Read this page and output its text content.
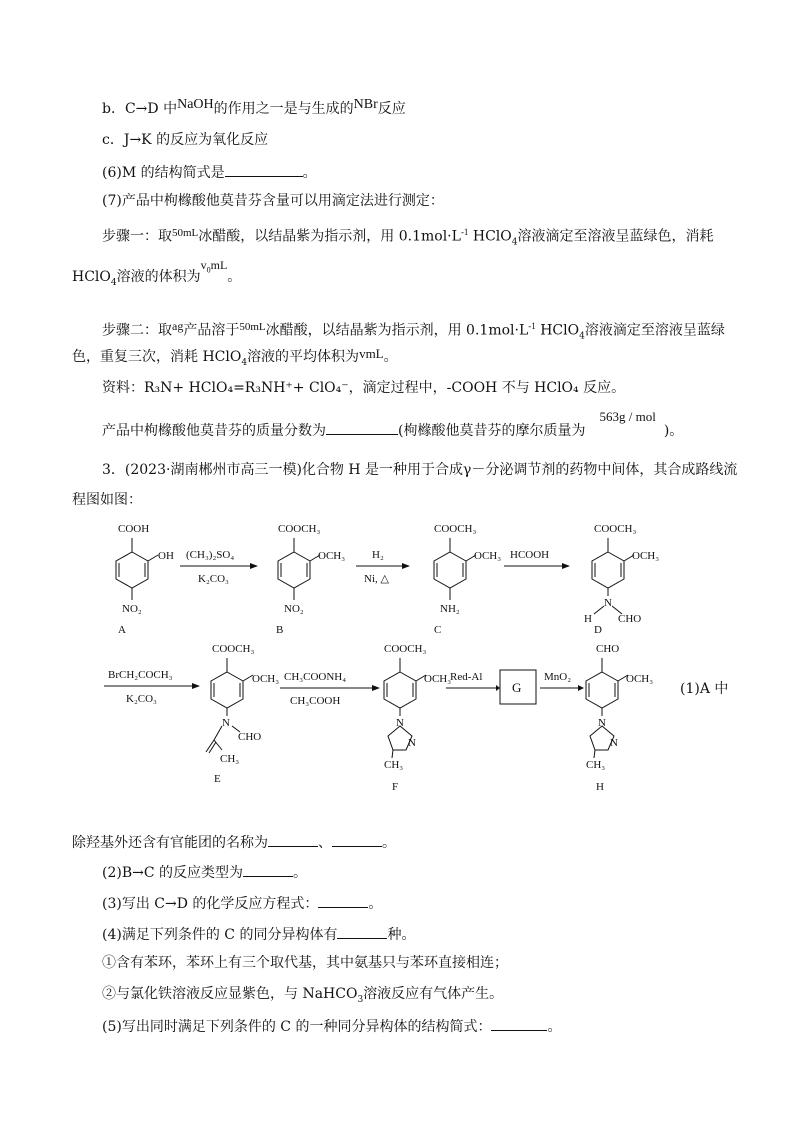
b．C→D 中NaOH的作用之一是与生成的NBr反应
c．J→K 的反应为氧化反应
(6)M 的结构简式是	。
(7)产品中枸橼酸他莫昔芬含量可以用滴定法进行测定：
步骤一：取$^{50mL}$冰醋酸，以结晶紫为指示剂，用 $0.1mol\cdot L^{-1}$ HClO$_4$溶液滴定至溶液呈蓝绿色，消耗
HClO$_4$溶液的体积为$v_0mL$。
步骤二：取ag产品溶于$^{50mL}$冰醋酸，以结晶紫为指示剂，用 $0.1mol\cdot L^{-1}$ HClO$_4$溶液滴定至溶液呈蓝绿
色，重复三次，消耗 HClO$_4$溶液的平均体积为vmL。
资料：R₃N+ HClO₄=R₃NH⁺+ ClO₄⁻，滴定过程中，-COOH 不与 HClO₄ 反应。
产品中枸橼酸他莫昔芬的质量分数为	(枸橼酸他莫昔芬的摩尔质量为563g / mol)。
3．(2023·湖南郴州市高三一模)化合物 H 是一种用于合成γ－分泌调节剂的药物中间体，其合成路线流
程图如图：
COOH
OH
NO₂
A
(CH₃)₂SO₄
K₂CO₃
COOCH₃
OCH₃
NO₂
B
H₂
Ni, △
COOCH₃
OCH₃
NH₂
C
HCOOH
COOCH₃
OCH₃
N
H CHO
D
BrCH₂COCH₃
K₂CO₃
COOCH₃
OCH₃
N
CHO
CH₃
E
CH₃COONH₄
CH₃COOH
COOCH₃
OCH₃
N
N
CH₃
F
Red-Al
G
MnO₂
CHO
OCH₃
N
N
CH₃
H
(1)A 中
除羟基外还含有官能团的名称为	、	。
(2)B→C 的反应类型为	。
(3)写出 C→D 的化学反应方程式：	。
(4)满足下列条件的 C 的同分异构体有	种。
①含有苯环，苯环上有三个取代基，其中氨基只与苯环直接相连；
②与氯化铁溶液反应显紫色，与 NaHCO$_3$溶液反应有气体产生。
(5)写出同时满足下列条件的 C 的一种同分异构体的结构简式：	。
